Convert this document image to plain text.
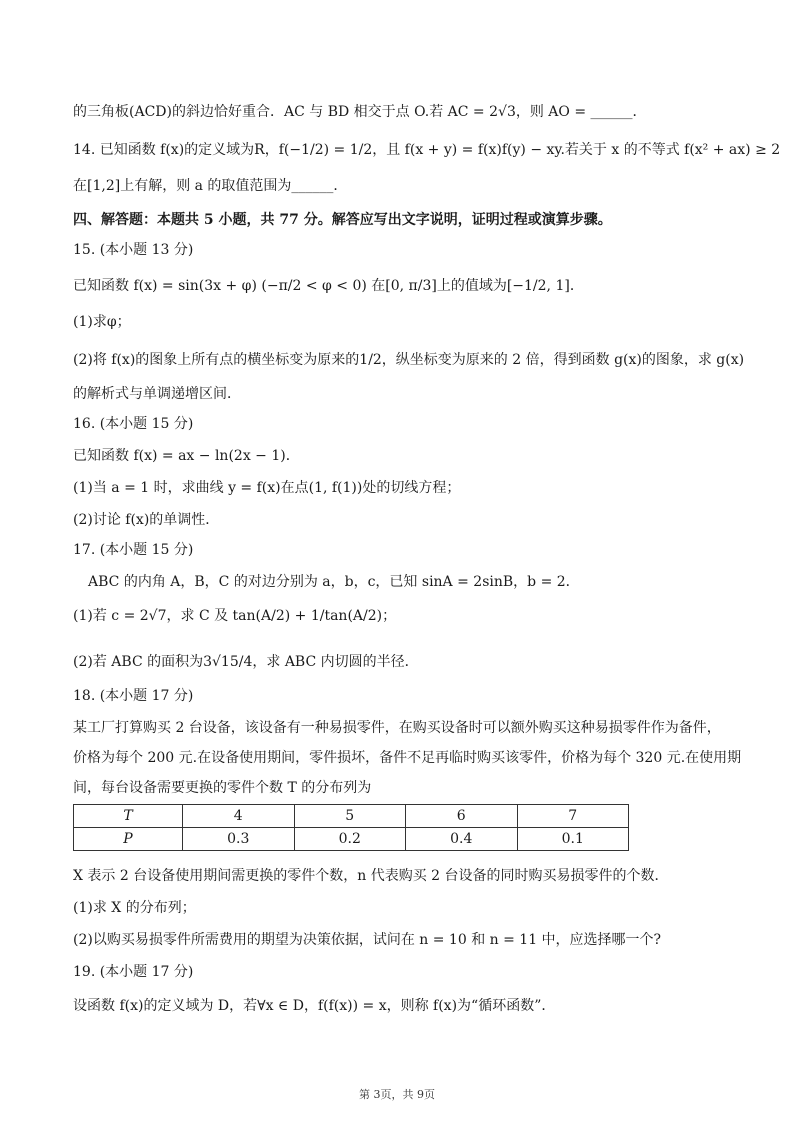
的三角板(ACD)的斜边恰好重合．AC 与 BD 相交于点 O.若 AC = 2√3，则 AO = ______．
14. 已知函数 f(x)的定义域为R，f(−1/2) = 1/2，且 f(x + y) = f(x)f(y) − xy.若关于 x 的不等式 f(x² + ax) ≥ 2
在[1,2]上有解，则 a 的取值范围为______．
四、解答题：本题共 5 小题，共 77 分。解答应写出文字说明，证明过程或演算步骤。
15. (本小题 13 分)
已知函数 f(x) = sin(3x + φ) (−π/2 < φ < 0) 在[0, π/3]上的值域为[−1/2, 1]．
(1)求φ；
(2)将 f(x)的图象上所有点的横坐标变为原来的1/2，纵坐标变为原来的 2 倍，得到函数 g(x)的图象，求 g(x)
的解析式与单调递增区间．
16. (本小题 15 分)
已知函数 f(x) = ax − ln(2x − 1)．
(1)当 a = 1 时，求曲线 y = f(x)在点(1, f(1))处的切线方程；
(2)讨论 f(x)的单调性．
17. (本小题 15 分)
ABC 的内角 A，B，C 的对边分别为 a，b，c，已知 sinA = 2sinB，b = 2．
(1)若 c = 2√7，求 C 及 tan(A/2) + 1/tan(A/2)；
(2)若 ABC 的面积为3√15/4，求 ABC 内切圆的半径．
18. (本小题 17 分)
某工厂打算购买 2 台设备，该设备有一种易损零件，在购买设备时可以额外购买这种易损零件作为备件，
价格为每个 200 元.在设备使用期间，零件损坏，备件不足再临时购买该零件，价格为每个 320 元.在使用期
间，每台设备需要更换的零件个数 T 的分布列为
T	4	5	6	7
P	0.3	0.2	0.4	0.1
X 表示 2 台设备使用期间需更换的零件个数，n 代表购买 2 台设备的同时购买易损零件的个数．
(1)求 X 的分布列；
(2)以购买易损零件所需费用的期望为决策依据，试问在 n = 10 和 n = 11 中，应选择哪一个?
19. (本小题 17 分)
设函数 f(x)的定义域为 D，若∀x ∈ D，f(f(x)) = x，则称 f(x)为“循环函数”．
第 3页，共 9页
